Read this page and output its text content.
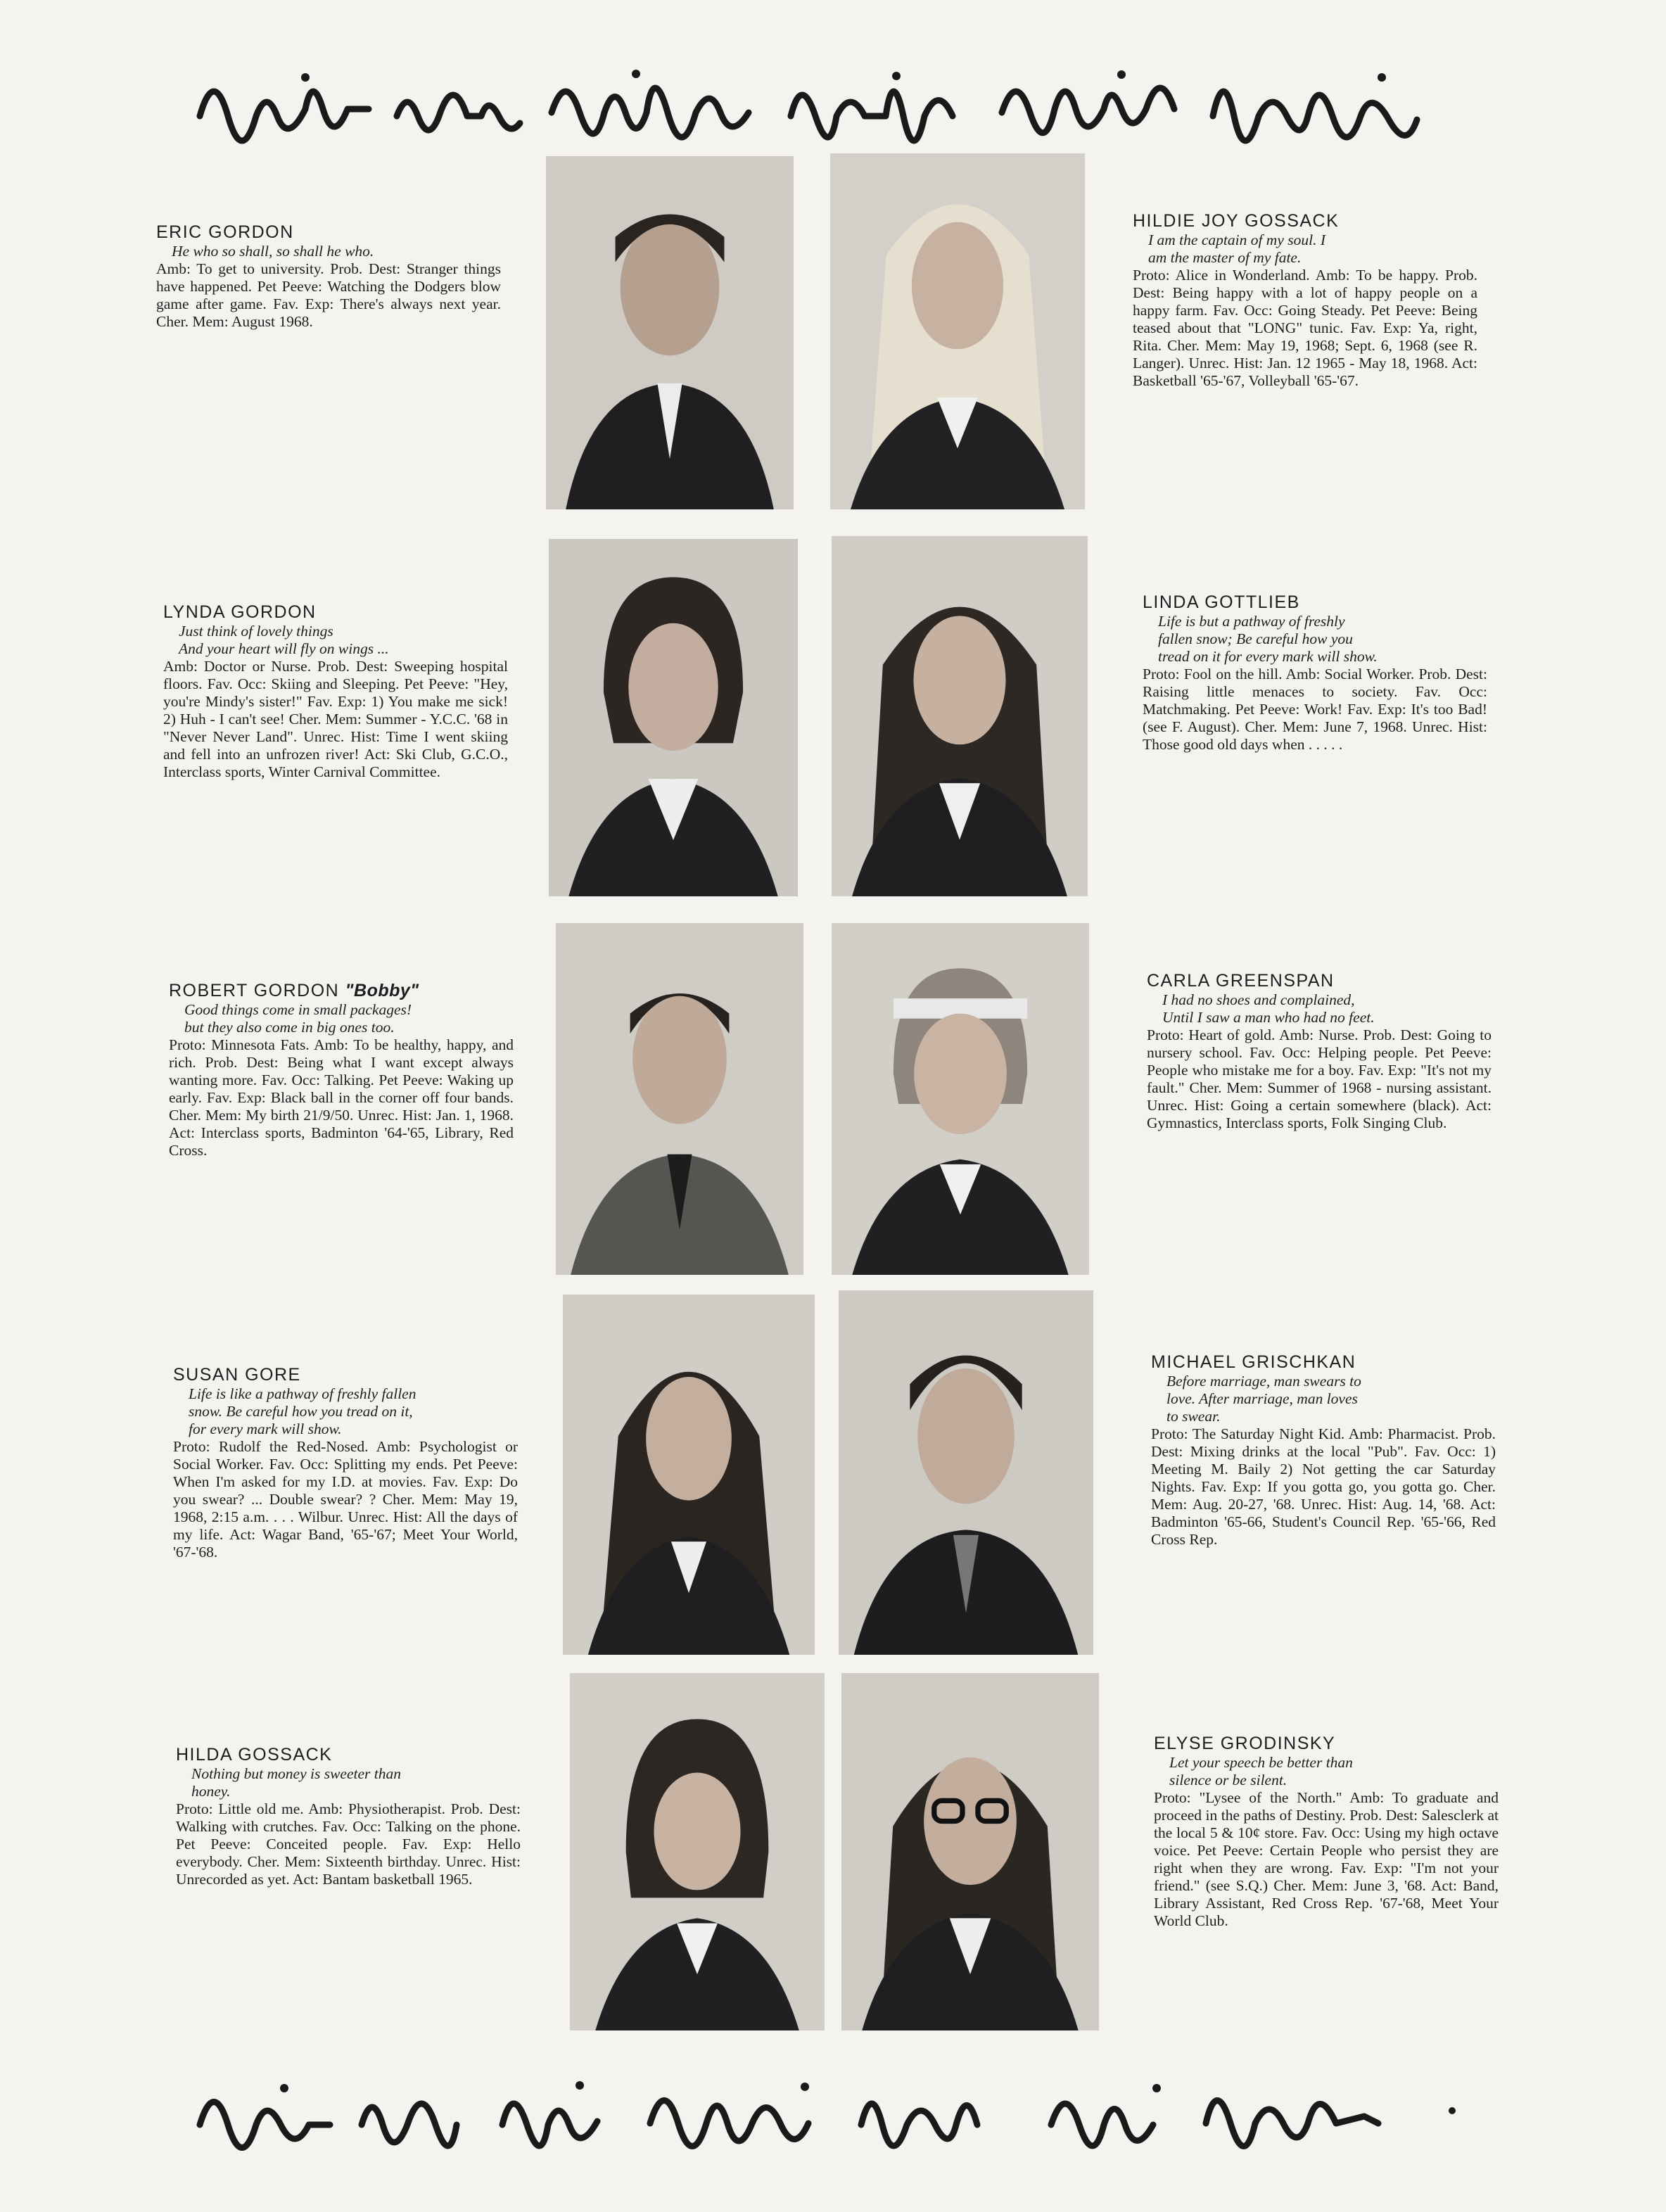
ERIC GORDON
He who so shall, so shall he who.
Amb: To get to university. Prob. Dest: Stranger things have happened. Pet Peeve: Watching the Dodgers blow game after game. Fav. Exp: There's always next year. Cher. Mem: August 1968.
HILDIE JOY GOSSACK
I am the captain of my soul. I
am the master of my fate.
Proto: Alice in Wonderland. Amb: To be happy. Prob. Dest: Being happy with a lot of happy people on a happy farm. Fav. Occ: Going Steady. Pet Peeve: Being teased about that "LONG" tunic. Fav. Exp: Ya, right, Rita. Cher. Mem: May 19, 1968; Sept. 6, 1968 (see R. Langer). Unrec. Hist: Jan. 12 1965 - May 18, 1968. Act: Basketball '65-'67, Volleyball '65-'67.
LYNDA GORDON
Just think of lovely things
And your heart will fly on wings ...
Amb: Doctor or Nurse. Prob. Dest: Sweeping hospital floors. Fav. Occ: Skiing and Sleeping. Pet Peeve: "Hey, you're Mindy's sister!" Fav. Exp: 1) You make me sick! 2) Huh - I can't see! Cher. Mem: Summer - Y.C.C. '68 in "Never Never Land". Unrec. Hist: Time I went skiing and fell into an unfrozen river! Act: Ski Club, G.C.O., Interclass sports, Winter Carnival Committee.
LINDA GOTTLIEB
Life is but a pathway of freshly
fallen snow; Be careful how you
tread on it for every mark will show.
Proto: Fool on the hill. Amb: Social Worker. Prob. Dest: Raising little menaces to society. Fav. Occ: Matchmaking. Pet Peeve: Work! Fav. Exp: It's too Bad! (see F. August). Cher. Mem: June 7, 1968. Unrec. Hist: Those good old days when . . . . .
ROBERT GORDON "Bobby"
Good things come in small packages!
but they also come in big ones too.
Proto: Minnesota Fats. Amb: To be healthy, happy, and rich. Prob. Dest: Being what I want except always wanting more. Fav. Occ: Talking. Pet Peeve: Waking up early. Fav. Exp: Black ball in the corner off four bands. Cher. Mem: My birth 21/9/50. Unrec. Hist: Jan. 1, 1968. Act: Interclass sports, Badminton '64-'65, Library, Red Cross.
CARLA GREENSPAN
I had no shoes and complained,
Until I saw a man who had no feet.
Proto: Heart of gold. Amb: Nurse. Prob. Dest: Going to nursery school. Fav. Occ: Helping people. Pet Peeve: People who mistake me for a boy. Fav. Exp: "It's not my fault." Cher. Mem: Summer of 1968 - nursing assistant. Unrec. Hist: Going a certain somewhere (black). Act: Gymnastics, Interclass sports, Folk Singing Club.
SUSAN GORE
Life is like a pathway of freshly fallen
snow. Be careful how you tread on it,
for every mark will show.
Proto: Rudolf the Red-Nosed. Amb: Psychologist or Social Worker. Fav. Occ: Splitting my ends. Pet Peeve: When I'm asked for my I.D. at movies. Fav. Exp: Do you swear? ... Double swear? ? Cher. Mem: May 19, 1968, 2:15 a.m. . . . Wilbur. Unrec. Hist: All the days of my life. Act: Wagar Band, '65-'67; Meet Your World, '67-'68.
MICHAEL GRISCHKAN
Before marriage, man swears to
love. After marriage, man loves
to swear.
Proto: The Saturday Night Kid. Amb: Pharmacist. Prob. Dest: Mixing drinks at the local "Pub". Fav. Occ: 1) Meeting M. Baily 2) Not getting the car Saturday Nights. Fav. Exp: If you gotta go, you gotta go. Cher. Mem: Aug. 20-27, '68. Unrec. Hist: Aug. 14, '68. Act: Badminton '65-66, Student's Council Rep. '65-'66, Red Cross Rep.
HILDA GOSSACK
Nothing but money is sweeter than
honey.
Proto: Little old me. Amb: Physiotherapist. Prob. Dest: Walking with crutches. Fav. Occ: Talking on the phone. Pet Peeve: Conceited people. Fav. Exp: Hello everybody. Cher. Mem: Sixteenth birthday. Unrec. Hist: Unrecorded as yet. Act: Bantam basketball 1965.
ELYSE GRODINSKY
Let your speech be better than
silence or be silent.
Proto: "Lysee of the North." Amb: To graduate and proceed in the paths of Destiny. Prob. Dest: Salesclerk at the local 5 & 10¢ store. Fav. Occ: Using my high octave voice. Pet Peeve: Certain People who persist they are right when they are wrong. Fav. Exp: "I'm not your friend." (see S.Q.) Cher. Mem: June 3, '68. Act: Band, Library Assistant, Red Cross Rep. '67-'68, Meet Your World Club.
